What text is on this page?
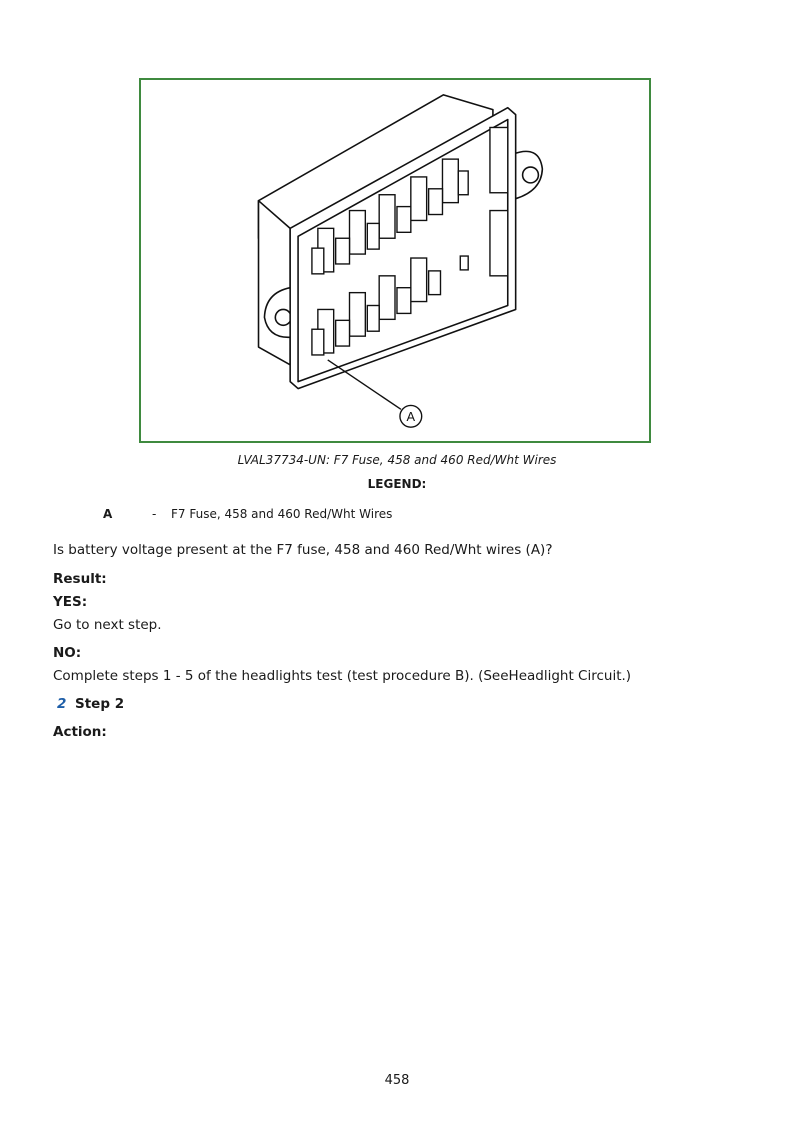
A
LVAL37734-UN: F7 Fuse, 458 and 460 Red/Wht Wires
LEGEND:
A	- F7 Fuse, 458 and 460 Red/Wht Wires
Is battery voltage present at the F7 fuse, 458 and 460 Red/Wht wires (A)?
Result:
YES:
Go to next step.
NO:
Complete steps 1 - 5 of the headlights test (test procedure B). (SeeHeadlight Circuit.)
2 Step 2
Action:
458
